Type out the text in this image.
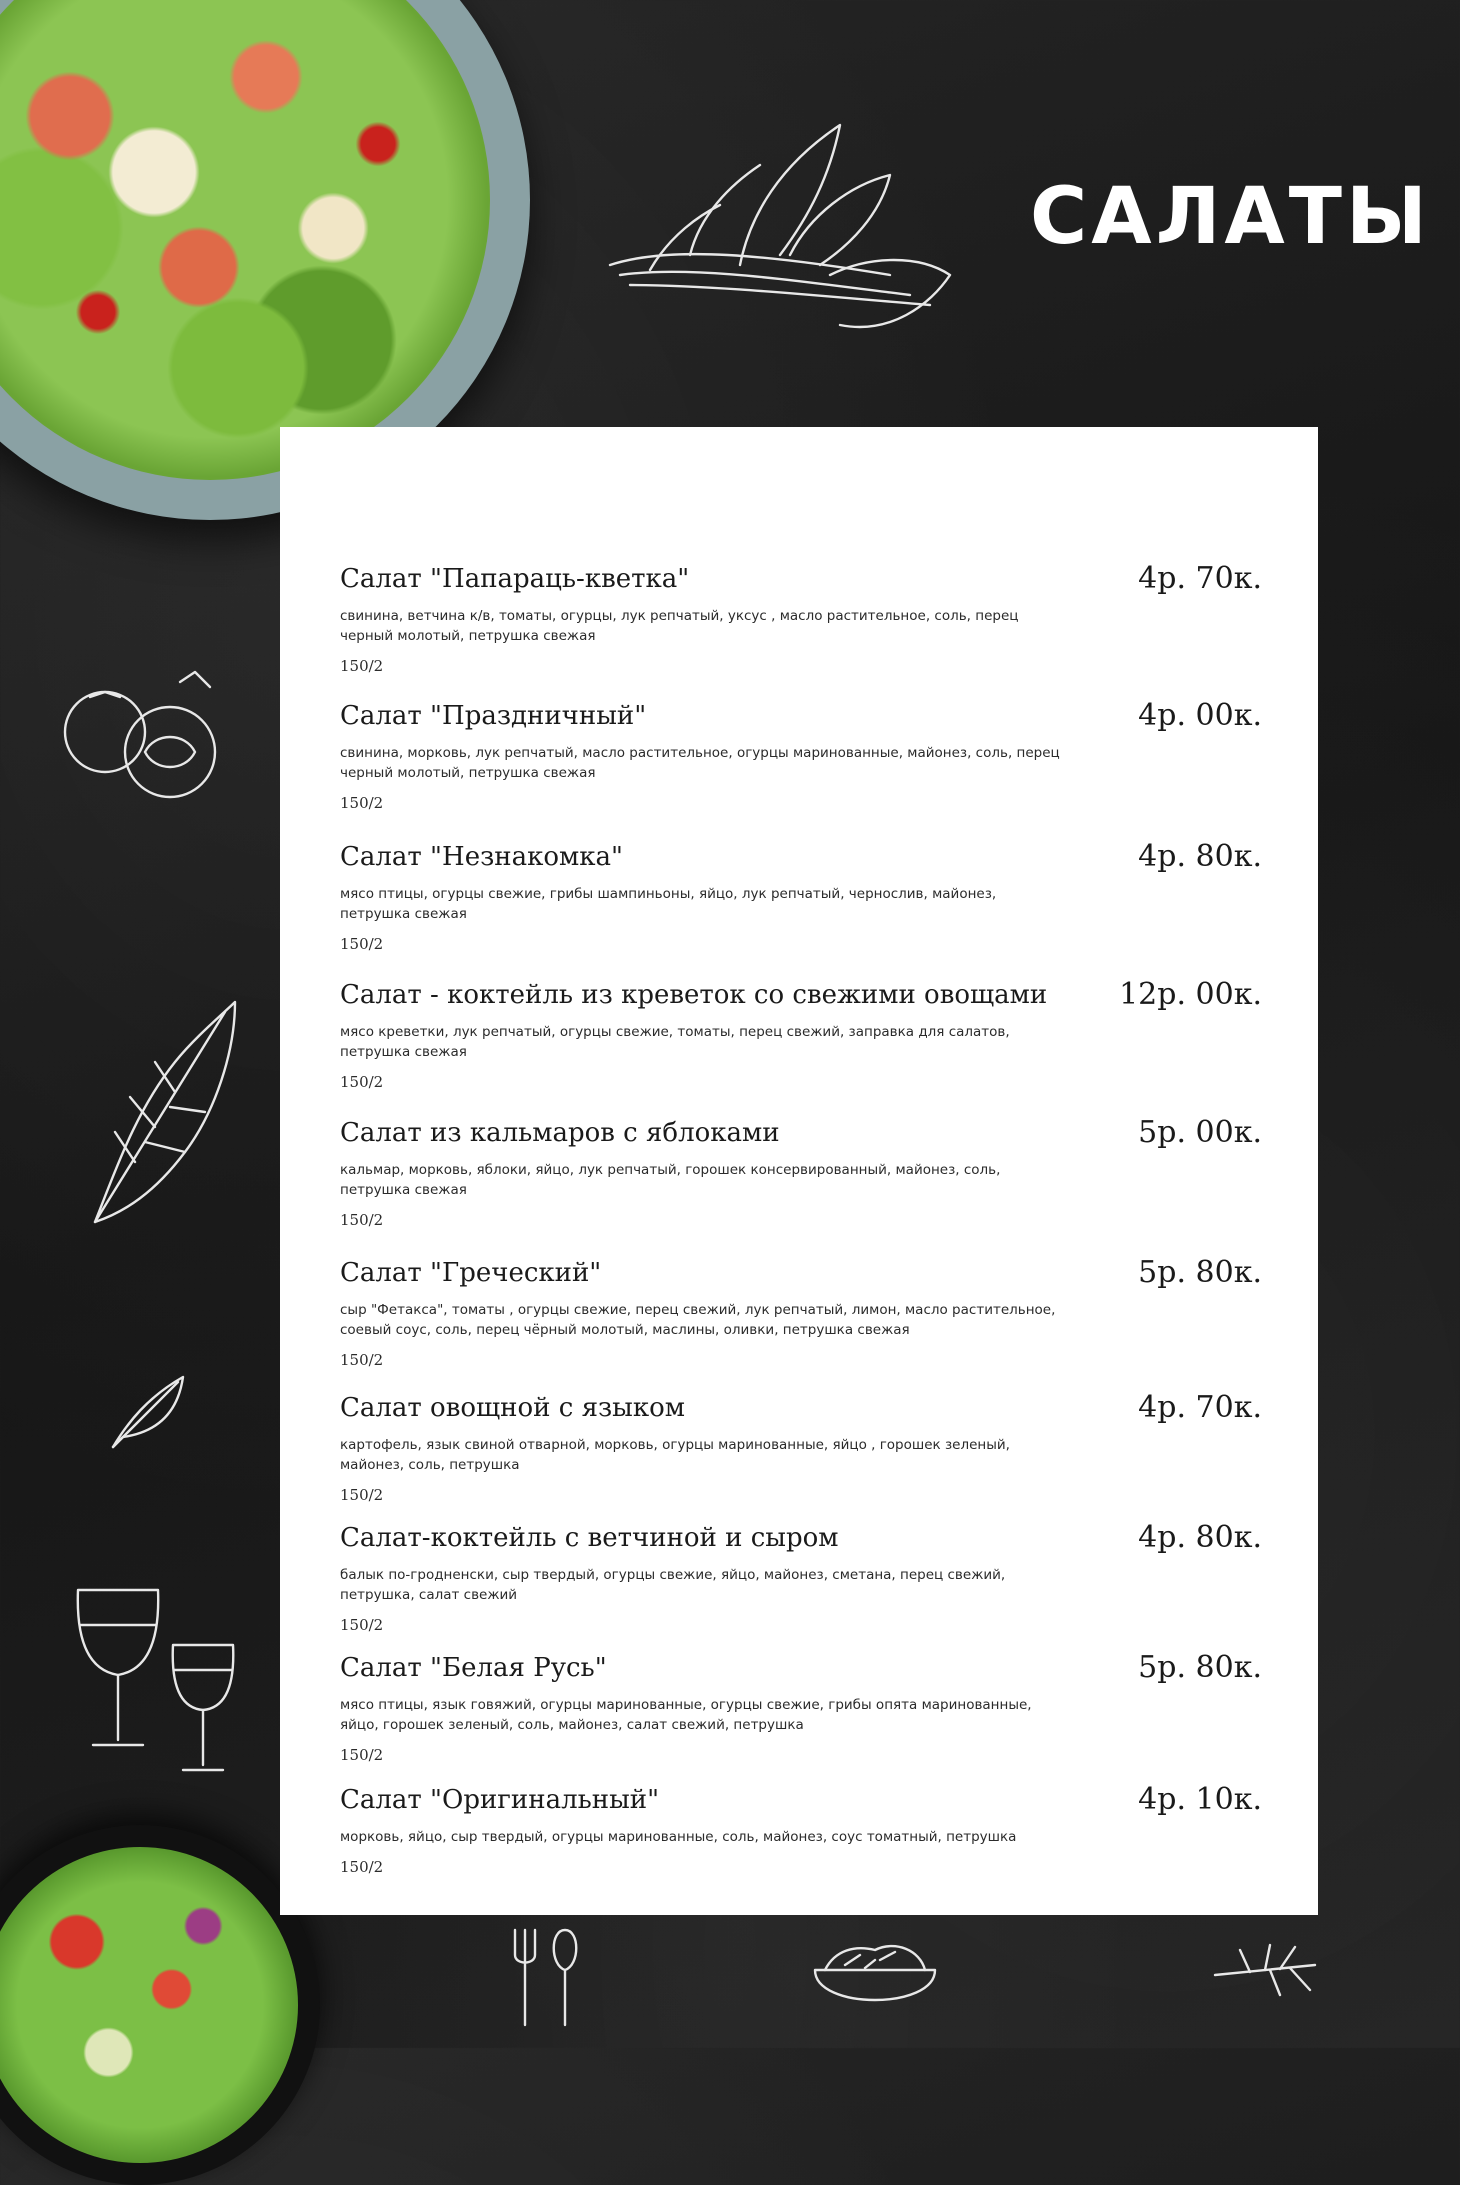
САЛАТЫ
Салат "Папараць-кветка"	4р. 70к.
свинина, ветчина к/в, томаты, огурцы, лук репчатый, уксус , масло растительное, соль, перец черный молотый, петрушка свежая
150/2
Салат "Праздничный"	4р. 00к.
свинина, морковь, лук репчатый, масло растительное, огурцы маринованные, майонез, соль, перец черный молотый, петрушка свежая
150/2
Салат "Незнакомка"	4р. 80к.
мясо птицы, огурцы свежие, грибы шампиньоны, яйцо, лук репчатый, чернослив, майонез, петрушка свежая
150/2
Салат - коктейль из креветок со свежими овощами	12р. 00к.
мясо креветки, лук репчатый, огурцы свежие, томаты, перец свежий, заправка для салатов, петрушка свежая
150/2
Салат из кальмаров с яблоками	5р. 00к.
кальмар, морковь, яблоки, яйцо, лук репчатый, горошек консервированный, майонез, соль, петрушка свежая
150/2
Салат "Греческий"	5р. 80к.
сыр "Фетакса", томаты , огурцы свежие, перец свежий, лук репчатый, лимон, масло растительное, соевый соус, соль, перец чёрный молотый, маслины, оливки, петрушка свежая
150/2
Салат овощной с языком	4р. 70к.
картофель, язык свиной отварной, морковь, огурцы маринованные, яйцо , горошек зеленый, майонез, соль, петрушка
150/2
Салат-коктейль с ветчиной и сыром	4р. 80к.
балык по-гродненски, сыр твердый, огурцы свежие, яйцо, майонез, сметана, перец свежий, петрушка, салат свежий
150/2
Салат "Белая Русь"	5р. 80к.
мясо птицы, язык говяжий, огурцы маринованные, огурцы свежие, грибы опята маринованные, яйцо, горошек зеленый, соль, майонез, салат свежий, петрушка
150/2
Салат "Оригинальный"	4р. 10к.
морковь, яйцо, сыр твердый, огурцы маринованные, соль, майонез, соус томатный, петрушка
150/2
